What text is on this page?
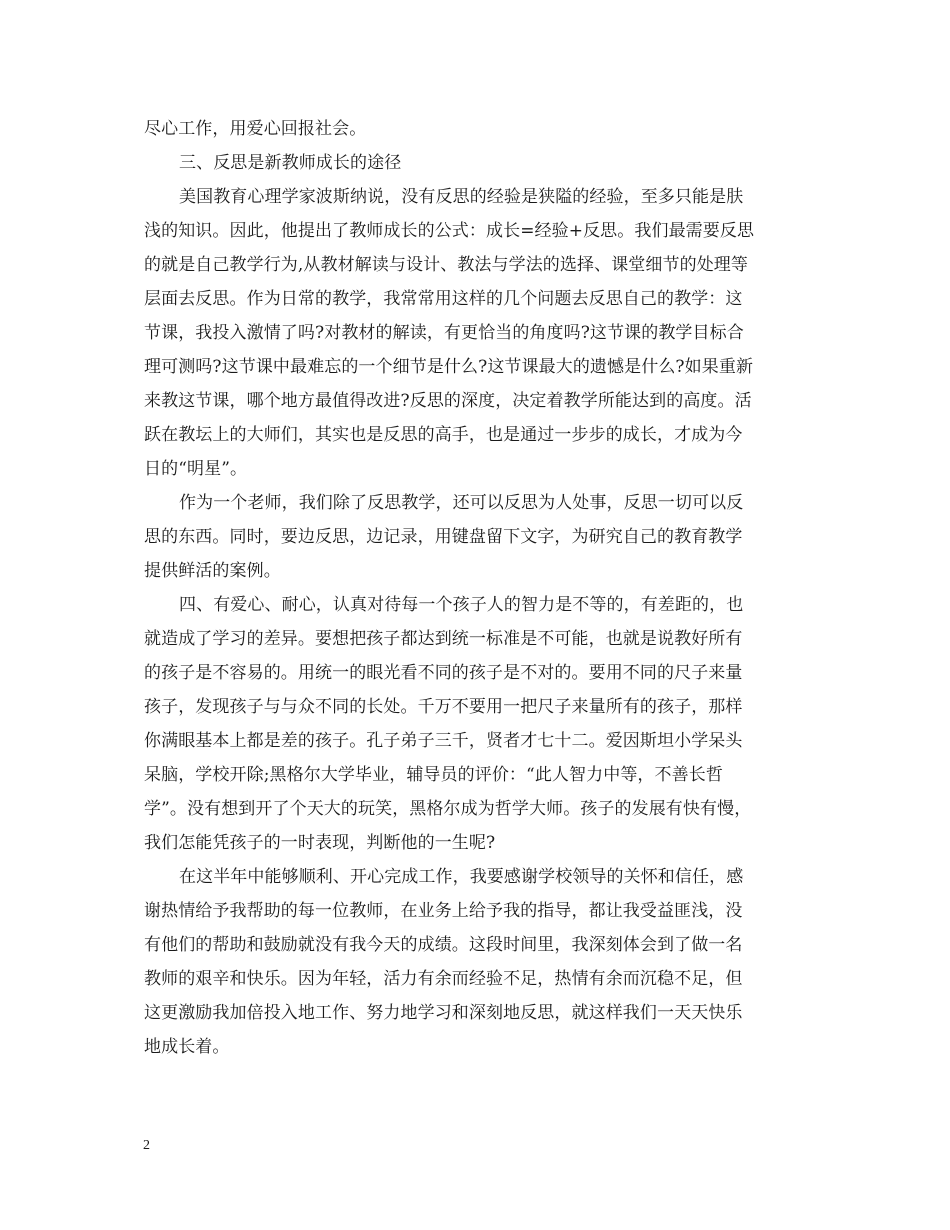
尽心工作，用爱心回报社会。
三、反思是新教师成长的途径
美国教育心理学家波斯纳说，没有反思的经验是狭隘的经验，至多只能是肤
浅的知识。因此，他提出了教师成长的公式：成长=经验+反思。我们最需要反思
的就是自己教学行为,从教材解读与设计、教法与学法的选择、课堂细节的处理等
层面去反思。作为日常的教学，我常常用这样的几个问题去反思自己的教学：这
节课，我投入激情了吗?对教材的解读，有更恰当的角度吗?这节课的教学目标合
理可测吗?这节课中最难忘的一个细节是什么?这节课最大的遗憾是什么?如果重新
来教这节课，哪个地方最值得改进?反思的深度，决定着教学所能达到的高度。活
跃在教坛上的大师们，其实也是反思的高手，也是通过一步步的成长，才成为今
日的“明星”。
作为一个老师，我们除了反思教学，还可以反思为人处事，反思一切可以反
思的东西。同时，要边反思，边记录，用键盘留下文字，为研究自己的教育教学
提供鲜活的案例。
四、有爱心、耐心，认真对待每一个孩子人的智力是不等的，有差距的，也
就造成了学习的差异。要想把孩子都达到统一标准是不可能，也就是说教好所有
的孩子是不容易的。用统一的眼光看不同的孩子是不对的。要用不同的尺子来量
孩子，发现孩子与与众不同的长处。千万不要用一把尺子来量所有的孩子，那样
你满眼基本上都是差的孩子。孔子弟子三千，贤者才七十二。爱因斯坦小学呆头
呆脑，学校开除;黑格尔大学毕业，辅导员的评价：“此人智力中等，不善长哲
学”。没有想到开了个天大的玩笑，黑格尔成为哲学大师。孩子的发展有快有慢，
我们怎能凭孩子的一时表现，判断他的一生呢?
在这半年中能够顺利、开心完成工作，我要感谢学校领导的关怀和信任，感
谢热情给予我帮助的每一位教师，在业务上给予我的指导，都让我受益匪浅，没
有他们的帮助和鼓励就没有我今天的成绩。这段时间里，我深刻体会到了做一名
教师的艰辛和快乐。因为年轻，活力有余而经验不足，热情有余而沉稳不足，但
这更激励我加倍投入地工作、努力地学习和深刻地反思，就这样我们一天天快乐
地成长着。
2
